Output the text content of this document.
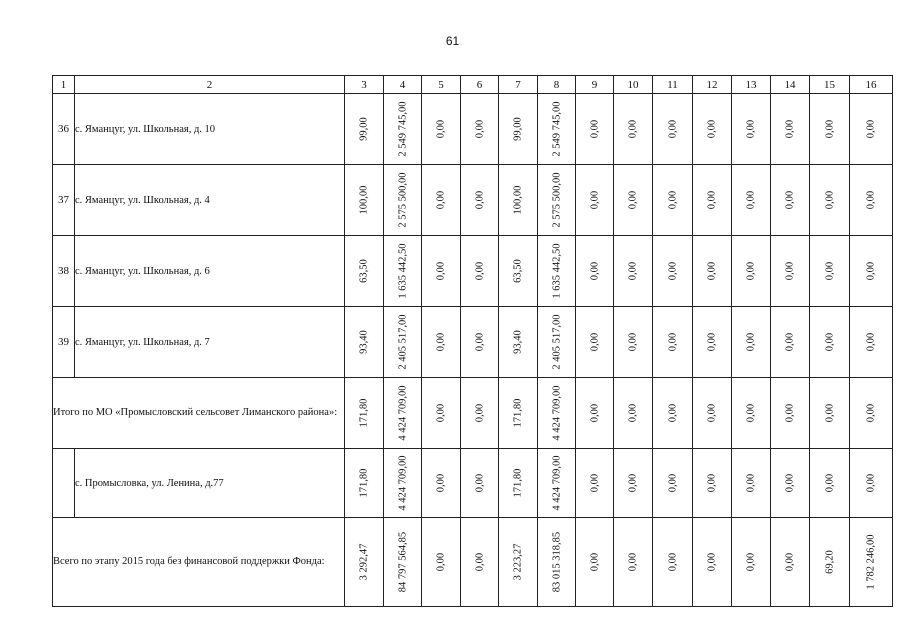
61
1	2	3	4	5	6	7	8	9	10	11	12	13	14	15	16
36	с. Яманцуг, ул. Школьная, д. 10	99,00	2 549 745,00	0,00	0,00	99,00	2 549 745,00	0,00	0,00	0,00	0,00	0,00	0,00	0,00	0,00

37	с. Яманцуг, ул. Школьная, д. 4	100,00	2 575 500,00	0,00	0,00	100,00	2 575 500,00	0,00	0,00	0,00	0,00	0,00	0,00	0,00	0,00

38	с. Яманцуг, ул. Школьная, д. 6	63,50	1 635 442,50	0,00	0,00	63,50	1 635 442,50	0,00	0,00	0,00	0,00	0,00	0,00	0,00	0,00

39	с. Яманцуг, ул. Школьная, д. 7	93,40	2 405 517,00	0,00	0,00	93,40	2 405 517,00	0,00	0,00	0,00	0,00	0,00	0,00	0,00	0,00

Итого по МО «Промысловский сельсовет Лиманского района»:		171,80	4 424 709,00	0,00	0,00	171,80	4 424 709,00	0,00	0,00	0,00	0,00	0,00	0,00	0,00	0,00

	с. Промысловка, ул. Ленина, д.77	171,80	4 424 709,00	0,00	0,00	171,80	4 424 709,00	0,00	0,00	0,00	0,00	0,00	0,00	0,00	0,00

Всего по этапу 2015 года без финансовой поддержки Фонда:		3 292,47	84 797 564,85	0,00	0,00	3 223,27	83 015 318,85	0,00	0,00	0,00	0,00	0,00	0,00	69,20	1 782 246,00
